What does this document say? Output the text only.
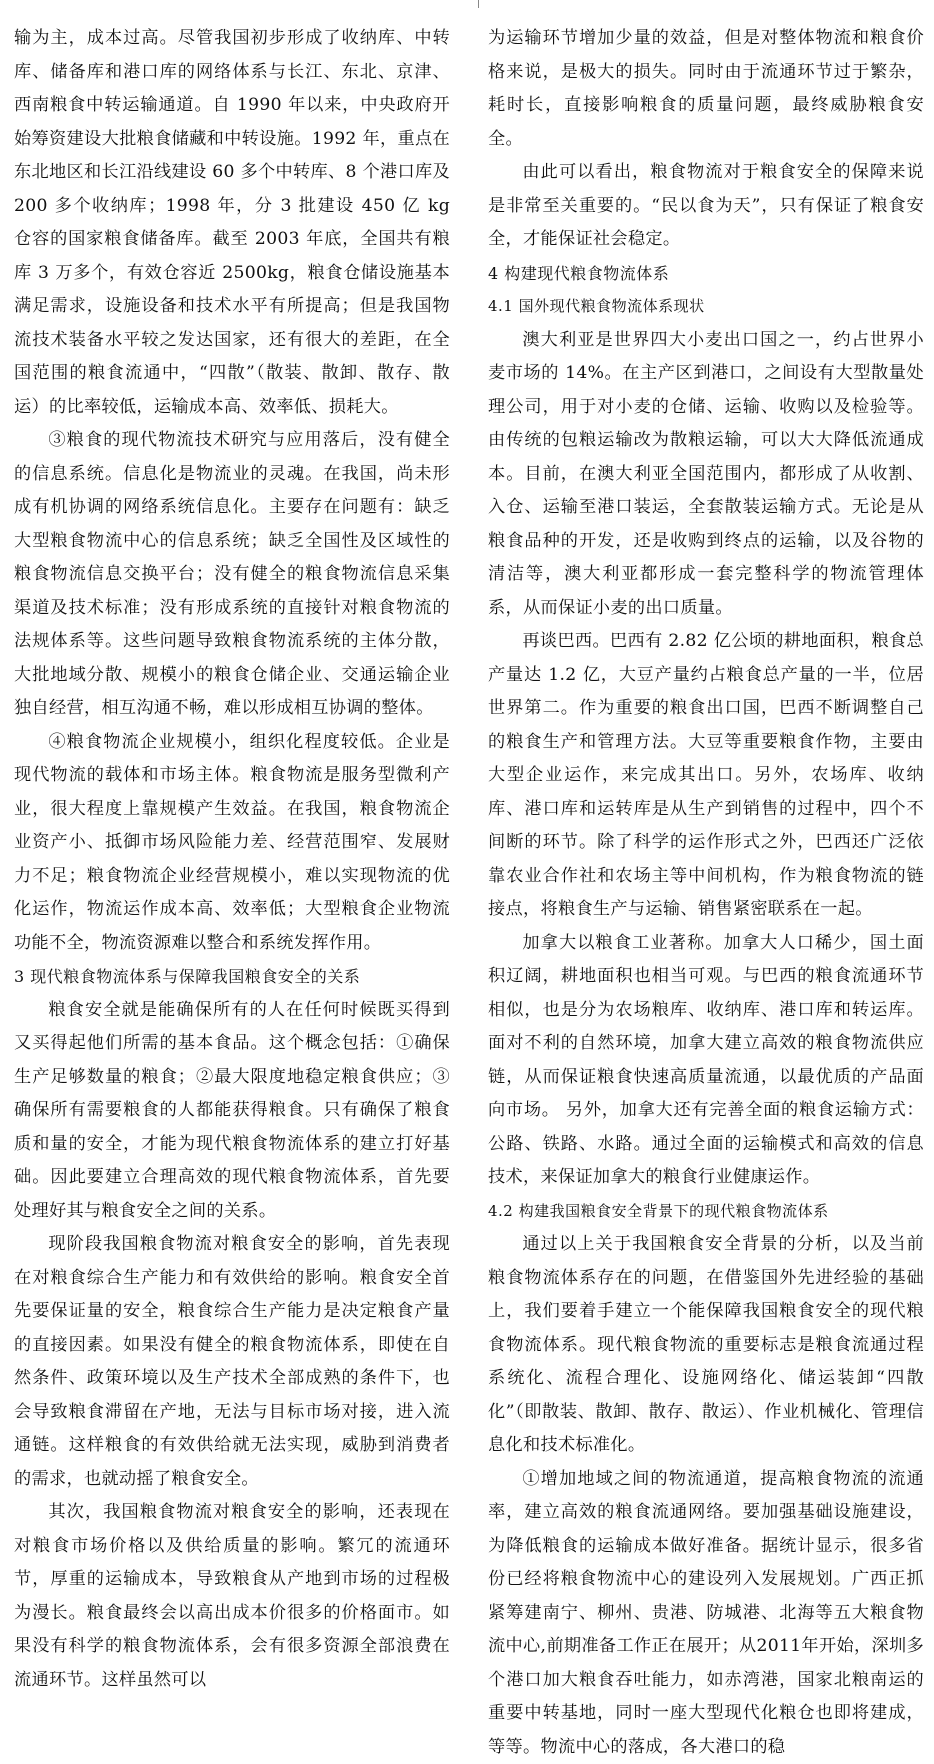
输为主，成本过高。尽管我国初步形成了收纳库、中转库、储备库和港口库的网络体系与长江、东北、京津、西南粮食中转运输通道。自 1990 年以来，中央政府开始筹资建设大批粮食储藏和中转设施。1992 年，重点在东北地区和长江沿线建设 60 多个中转库、8 个港口库及 200 多个收纳库；1998 年，分 3 批建设 450 亿 kg 仓容的国家粮食储备库。截至 2003 年底，全国共有粮库 3 万多个，有效仓容近 2500kg，粮食仓储设施基本满足需求，设施设备和技术水平有所提高；但是我国物流技术装备水平较之发达国家，还有很大的差距，在全国范围的粮食流通中，“四散”（散装、散卸、散存、散运）的比率较低，运输成本高、效率低、损耗大。

③粮食的现代物流技术研究与应用落后，没有健全的信息系统。信息化是物流业的灵魂。在我国，尚未形成有机协调的网络系统信息化。主要存在问题有：缺乏大型粮食物流中心的信息系统；缺乏全国性及区域性的粮食物流信息交换平台；没有健全的粮食物流信息采集渠道及技术标准；没有形成系统的直接针对粮食物流的法规体系等。这些问题导致粮食物流系统的主体分散，大批地域分散、规模小的粮食仓储企业、交通运输企业独自经营，相互沟通不畅，难以形成相互协调的整体。

④粮食物流企业规模小，组织化程度较低。企业是现代物流的载体和市场主体。粮食物流是服务型微利产业，很大程度上靠规模产生效益。在我国，粮食物流企业资产小、抵御市场风险能力差、经营范围窄、发展财力不足；粮食物流企业经营规模小，难以实现物流的优化运作，物流运作成本高、效率低；大型粮食企业物流功能不全，物流资源难以整合和系统发挥作用。

3 现代粮食物流体系与保障我国粮食安全的关系

粮食安全就是能确保所有的人在任何时候既买得到又买得起他们所需的基本食品。这个概念包括：①确保生产足够数量的粮食；②最大限度地稳定粮食供应；③确保所有需要粮食的人都能获得粮食。只有确保了粮食质和量的安全，才能为现代粮食物流体系的建立打好基础。因此要建立合理高效的现代粮食物流体系，首先要处理好其与粮食安全之间的关系。

现阶段我国粮食物流对粮食安全的影响，首先表现在对粮食综合生产能力和有效供给的影响。粮食安全首先要保证量的安全，粮食综合生产能力是决定粮食产量的直接因素。如果没有健全的粮食物流体系，即使在自然条件、政策环境以及生产技术全部成熟的条件下，也会导致粮食滞留在产地，无法与目标市场对接，进入流通链。这样粮食的有效供给就无法实现，威胁到消费者的需求，也就动摇了粮食安全。

其次，我国粮食物流对粮食安全的影响，还表现在对粮食市场价格以及供给质量的影响。繁冗的流通环节，厚重的运输成本，导致粮食从产地到市场的过程极为漫长。粮食最终会以高出成本价很多的价格面市。如果没有科学的粮食物流体系，会有很多资源全部浪费在流通环节。这样虽然可以

为运输环节增加少量的效益，但是对整体物流和粮食价格来说，是极大的损失。同时由于流通环节过于繁杂，耗时长，直接影响粮食的质量问题，最终威胁粮食安全。

由此可以看出，粮食物流对于粮食安全的保障来说是非常至关重要的。“民以食为天”，只有保证了粮食安全，才能保证社会稳定。

4 构建现代粮食物流体系

4.1 国外现代粮食物流体系现状

澳大利亚是世界四大小麦出口国之一，约占世界小麦市场的 14%。在主产区到港口，之间设有大型散量处理公司，用于对小麦的仓储、运输、收购以及检验等。由传统的包粮运输改为散粮运输，可以大大降低流通成本。目前，在澳大利亚全国范围内，都形成了从收割、入仓、运输至港口装运，全套散装运输方式。无论是从粮食品种的开发，还是收购到终点的运输，以及谷物的清洁等，澳大利亚都形成一套完整科学的物流管理体系，从而保证小麦的出口质量。

再谈巴西。巴西有 2.82 亿公顷的耕地面积，粮食总产量达 1.2 亿，大豆产量约占粮食总产量的一半，位居世界第二。作为重要的粮食出口国，巴西不断调整自己的粮食生产和管理方法。大豆等重要粮食作物，主要由大型企业运作，来完成其出口。另外，农场库、收纳库、港口库和运转库是从生产到销售的过程中，四个不间断的环节。除了科学的运作形式之外，巴西还广泛依靠农业合作社和农场主等中间机构，作为粮食物流的链接点，将粮食生产与运输、销售紧密联系在一起。

加拿大以粮食工业著称。加拿大人口稀少，国土面积辽阔，耕地面积也相当可观。与巴西的粮食流通环节相似，也是分为农场粮库、收纳库、港口库和转运库。面对不利的自然环境，加拿大建立高效的粮食物流供应链，从而保证粮食快速高质量流通，以最优质的产品面向市场。 另外，加拿大还有完善全面的粮食运输方式：公路、铁路、水路。通过全面的运输模式和高效的信息技术，来保证加拿大的粮食行业健康运作。

4.2 构建我国粮食安全背景下的现代粮食物流体系

通过以上关于我国粮食安全背景的分析，以及当前粮食物流体系存在的问题，在借鉴国外先进经验的基础上，我们要着手建立一个能保障我国粮食安全的现代粮食物流体系。现代粮食物流的重要标志是粮食流通过程系统化、流程合理化、设施网络化、储运装卸“四散化”（即散装、散卸、散存、散运）、作业机械化、管理信息化和技术标准化。

①增加地域之间的物流通道，提高粮食物流的流通率，建立高效的粮食流通网络。要加强基础设施建设，为降低粮食的运输成本做好准备。据统计显示，很多省份已经将粮食物流中心的建设列入发展规划。广西正抓紧筹建南宁、柳州、贵港、防城港、北海等五大粮食物流中心,前期准备工作正在展开；从2011年开始，深圳多个港口加大粮食吞吐能力，如赤湾港，国家北粮南运的重要中转基地，同时一座大型现代化粮仓也即将建成，等等。物流中心的落成，各大港口的稳
